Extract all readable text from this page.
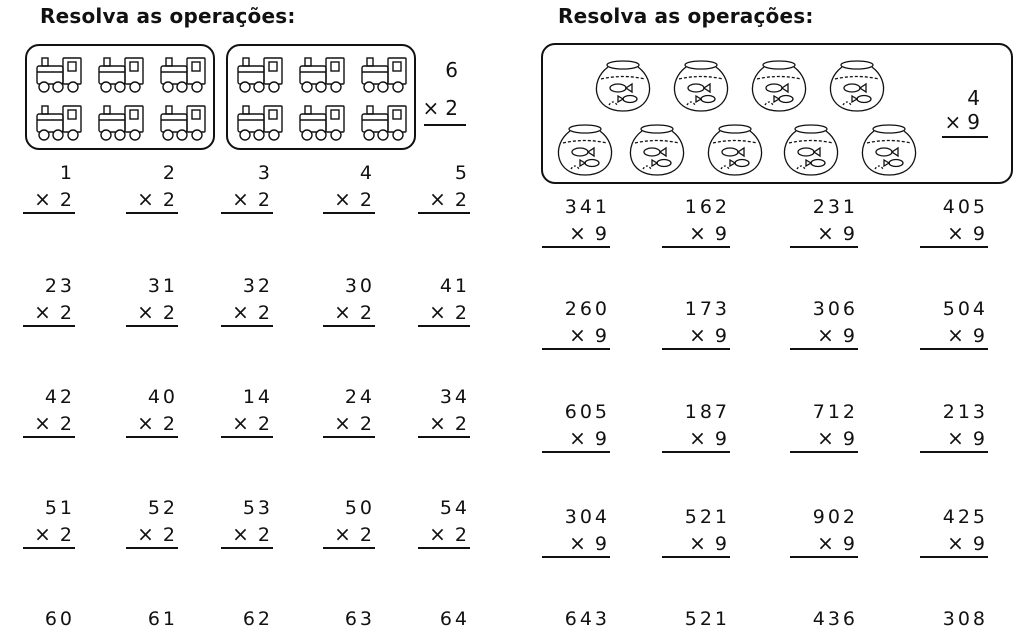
Resolva as operações:
6
× 2
Resolva as operações:
4
× 9
1
× 2
2
× 2
3
× 2
4
× 2
5
× 2
23
× 2
31
× 2
32
× 2
30
× 2
41
× 2
42
× 2
40
× 2
14
× 2
24
× 2
34
× 2
51
× 2
52
× 2
53
× 2
50
× 2
54
× 2
60	61	62	63	64
341
× 9
162
× 9
231
× 9
405
× 9
260
× 9
173
× 9
306
× 9
504
× 9
605
× 9
187
× 9
712
× 9
213
× 9
304
× 9
521
× 9
902
× 9
425
× 9
643	521	436	308
